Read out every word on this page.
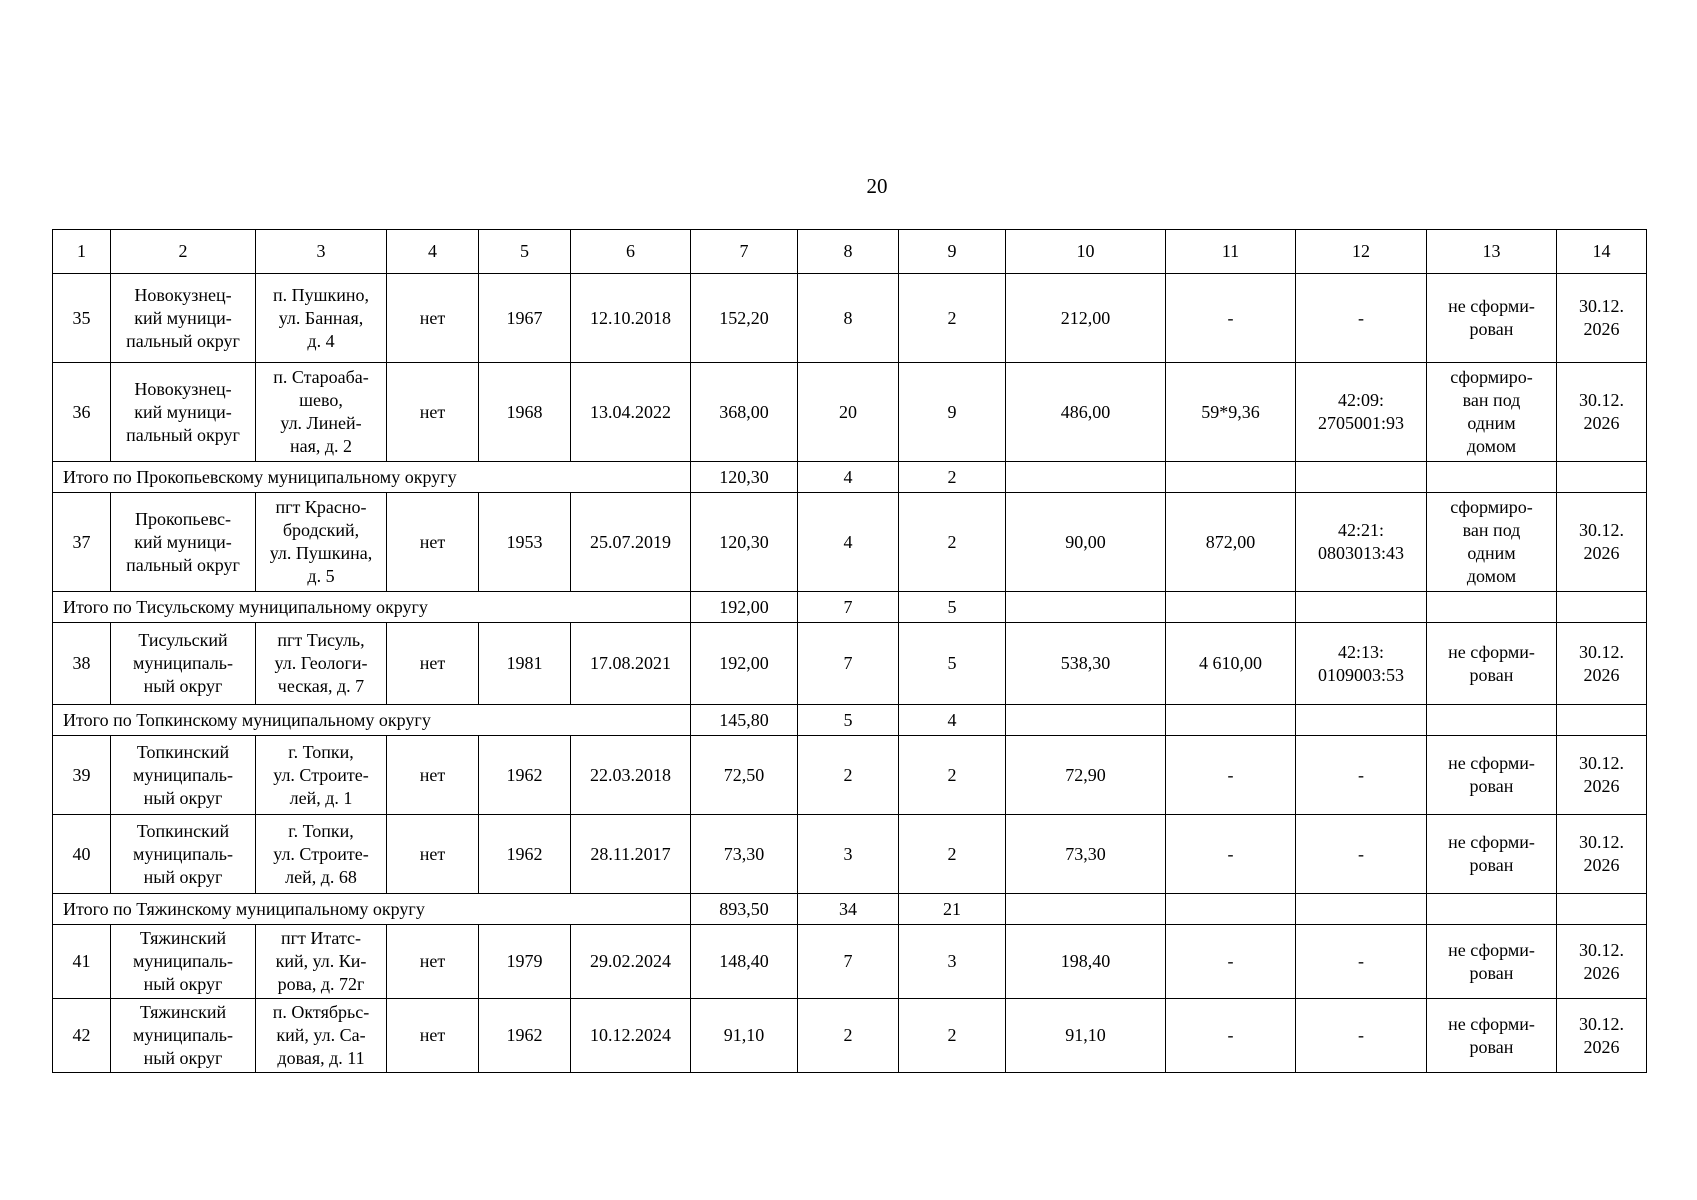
20
1	2	3	4	5	6	7	8	9	10	11	12	13	14
35	Новокузнец-
кий муници-
пальный округ	п. Пушкино,
ул. Банная,
д. 4	нет	1967	12.10.2018	152,20	8	2	212,00	-	-	не сформи-
рован	30.12.
2026
36	Новокузнец-
кий муници-
пальный округ	п. Староаба-
шево,
ул. Линей-
ная, д. 2	нет	1968	13.04.2022	368,00	20	9	486,00	59*9,36	42:09:
2705001:93	сформиро-
ван под
одним
домом	30.12.
2026
Итого по Прокопьевскому муниципальному округу						120,30	4	2					
37	Прокопьевс-
кий муници-
пальный округ	пгт Красно-
бродский,
ул. Пушкина,
д. 5	нет	1953	25.07.2019	120,30	4	2	90,00	872,00	42:21:
0803013:43	сформиро-
ван под
одним
домом	30.12.
2026
Итого по Тисульскому муниципальному округу						192,00	7	5					
38	Тисульский
муниципаль-
ный округ	пгт Тисуль,
ул. Геологи-
ческая, д. 7	нет	1981	17.08.2021	192,00	7	5	538,30	4 610,00	42:13:
0109003:53	не сформи-
рован	30.12.
2026
Итого по Топкинскому муниципальному округу						145,80	5	4					
39	Топкинский
муниципаль-
ный округ	г. Топки,
ул. Строите-
лей, д. 1	нет	1962	22.03.2018	72,50	2	2	72,90	-	-	не сформи-
рован	30.12.
2026
40	Топкинский
муниципаль-
ный округ	г. Топки,
ул. Строите-
лей, д. 68	нет	1962	28.11.2017	73,30	3	2	73,30	-	-	не сформи-
рован	30.12.
2026
Итого по Тяжинскому муниципальному округу						893,50	34	21					
41	Тяжинский
муниципаль-
ный округ	пгт Итатс-
кий, ул. Ки-
рова, д. 72г	нет	1979	29.02.2024	148,40	7	3	198,40	-	-	не сформи-
рован	30.12.
2026
42	Тяжинский
муниципаль-
ный округ	п. Октябрьс-
кий, ул. Са-
довая, д. 11	нет	1962	10.12.2024	91,10	2	2	91,10	-	-	не сформи-
рован	30.12.
2026
